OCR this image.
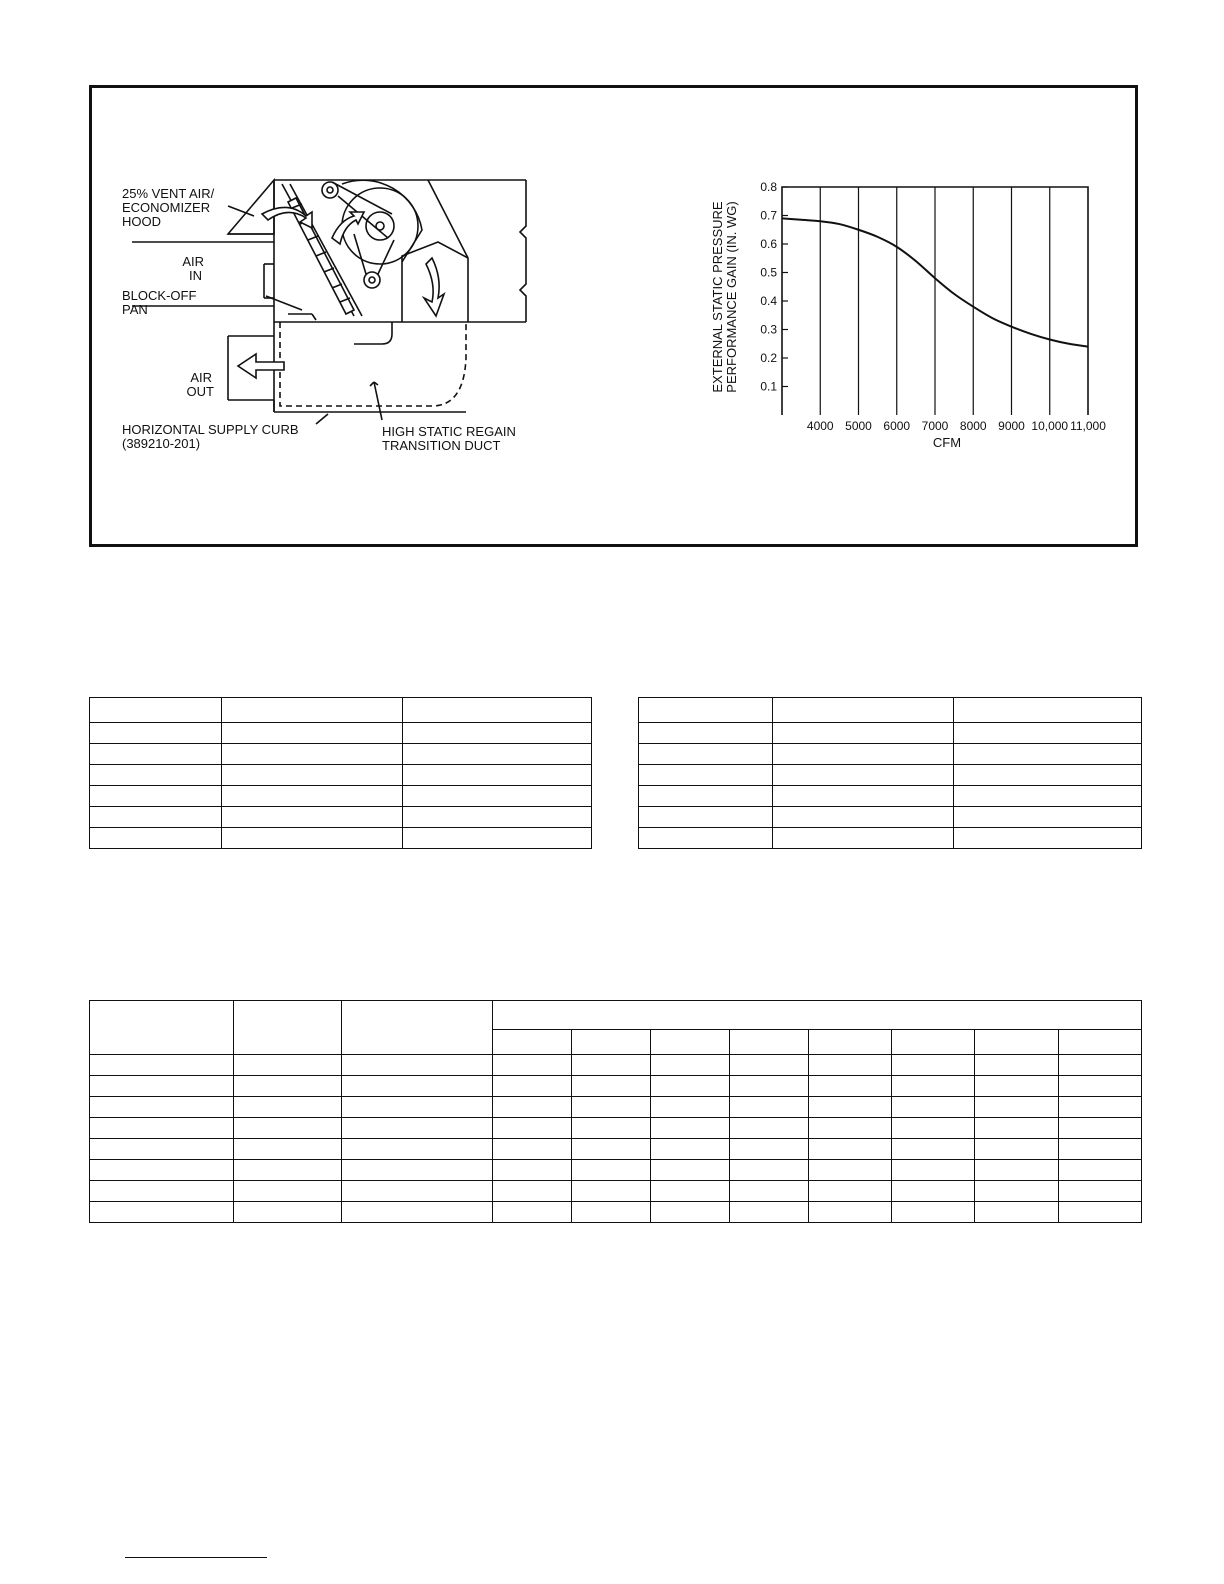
25% VENT AIR/
ECONOMIZER
HOOD
AIR
IN
BLOCK-OFF
PAN
AIR
OUT
HORIZONTAL SUPPLY CURB
(389210-201)
HIGH STATIC REGAIN
TRANSITION DUCT
0.1
0.2
0.3
0.4
0.5
0.6
0.7
0.8
4000 5000 6000 7000 8000 9000 10,000 11,000
CFM
EXTERNAL STATIC PRESSURE PERFORMANCE GAIN (IN. WG)
